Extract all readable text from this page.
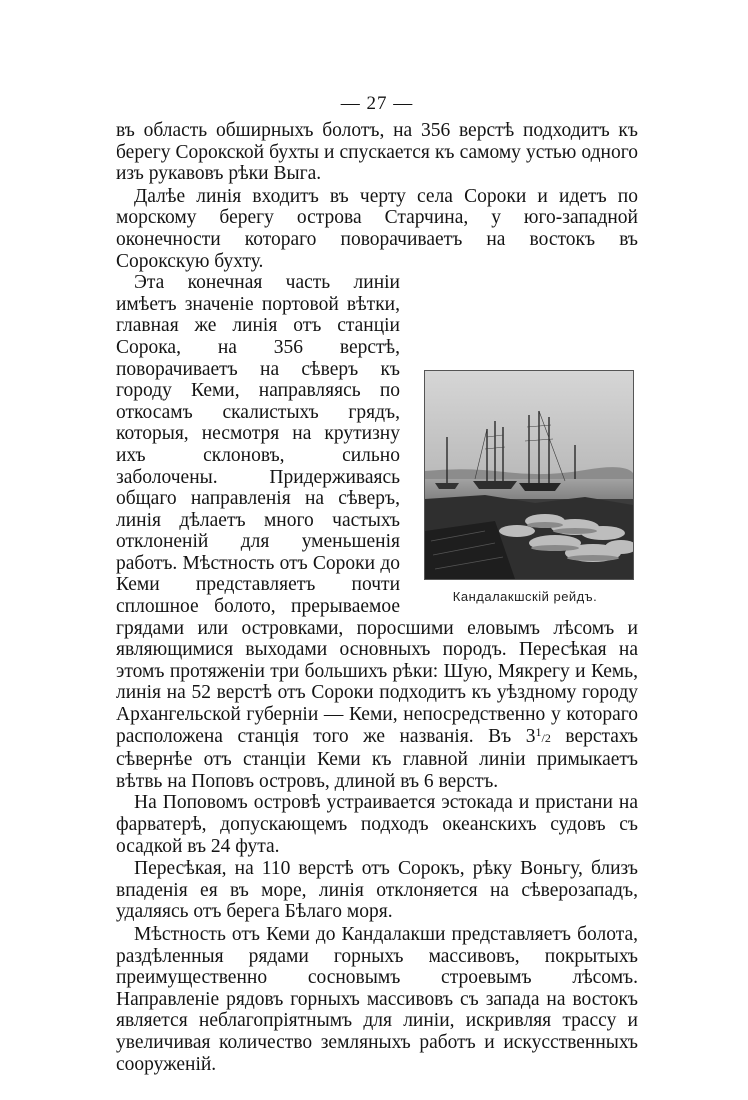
— 27 —

въ область обширныхъ болотъ, на 356 верстѣ подходитъ къ берегу Сорокской бухты и спускается къ самому устью одного изъ рукавовъ рѣки Выга.

Далѣе линія входитъ въ черту села Сороки и идетъ по морскому берегу острова Старчина, у юго-западной оконечности котораго поворачиваетъ на востокъ въ Сорокскую бухту.

Кандалакшскій рейдъ.

Эта конечная часть линіи имѣетъ значеніе портовой вѣтки, главная же линія отъ станціи Сорока, на 356 верстѣ, поворачиваетъ на сѣверъ къ городу Кеми, направляясь по откосамъ скалистыхъ грядъ, которыя, несмотря на крутизну ихъ склоновъ, сильно заболочены. Придерживаясь общаго направленія на сѣверъ, линія дѣлаетъ много частыхъ отклоненій для уменьшенія работъ. Мѣстность отъ Сороки до Кеми представляетъ почти сплошное болото, прерываемое грядами или островками, поросшими еловымъ лѣсомъ и являющимися выходами основныхъ породъ. Пересѣкая на этомъ протяженіи три большихъ рѣки: Шую, Мякрегу и Кемь, линія на 52 верстѣ отъ Сороки подходитъ къ уѣздному городу Архангельской губерніи — Кеми, непосредственно у котораго расположена станція того же названія. Въ $3^1/2$ верстахъ сѣвернѣе отъ станціи Кеми къ главной линіи примыкаетъ вѣтвь на Поповъ островъ, длиной въ 6 верстъ.

На Поповомъ островѣ устраивается эстокада и пристани на фарватерѣ, допускающемъ подходъ океанскихъ судовъ съ осадкой въ 24 фута.

Пересѣкая, на 110 верстѣ отъ Сорокъ, рѣку Воньгу, близъ впаденія ея въ море, линія отклоняется на сѣверозападъ, удаляясь отъ берега Бѣлаго моря.

Мѣстность отъ Кеми до Кандалакши представляетъ болота, раздѣленныя рядами горныхъ массивовъ, покрытыхъ преимущественно сосновымъ строевымъ лѣсомъ. Направленіе рядовъ горныхъ массивовъ съ запада на востокъ является неблагопріятнымъ для линіи, искривляя трассу и увеличивая количество земляныхъ работъ и искусственныхъ сооруженій.
